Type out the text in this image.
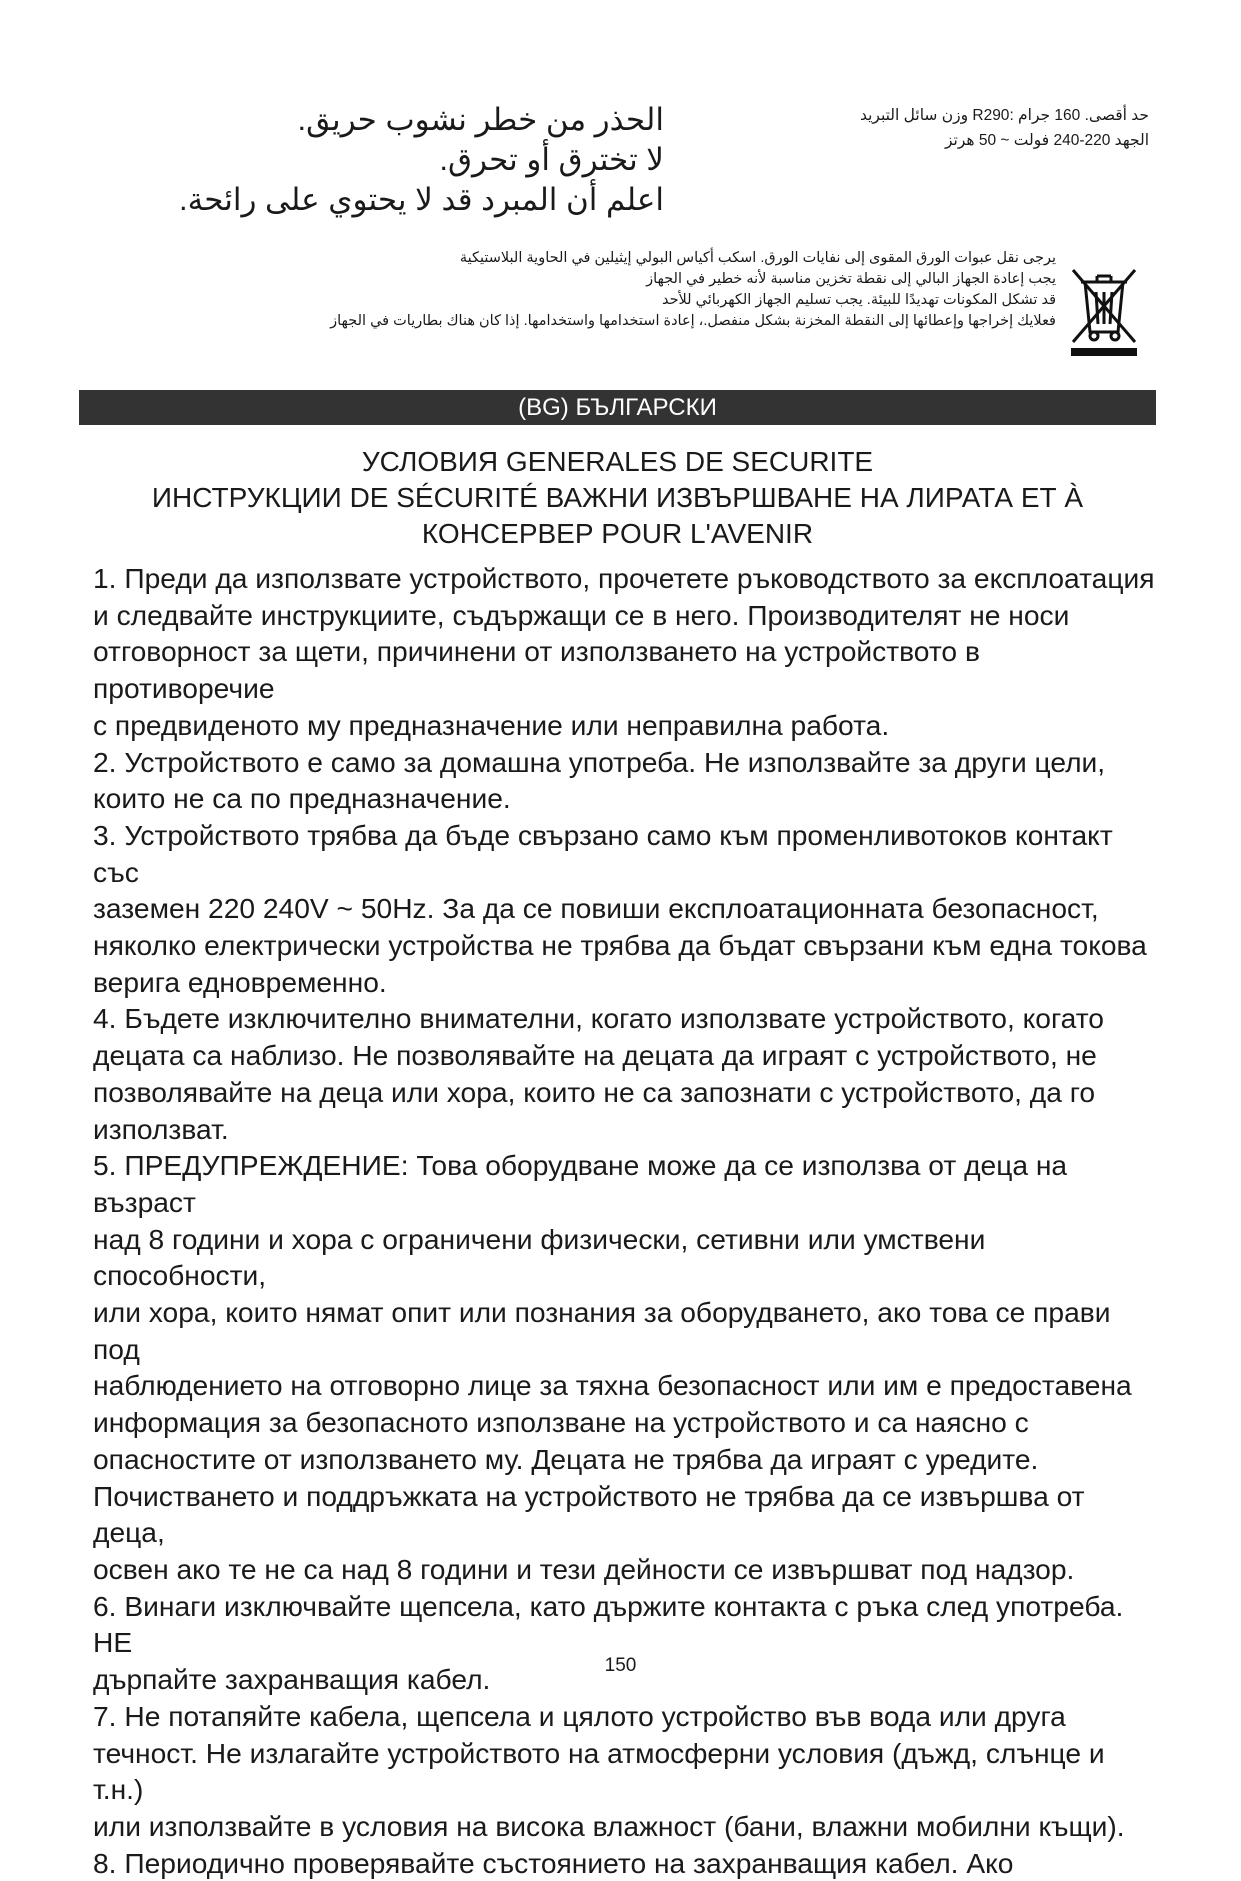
الحذر من خطر نشوب حريق.
لا تخترق أو تحرق.
اعلم أن المبرد قد لا يحتوي على رائحة.
حد أقصى. 160 جرام :R290 وزن سائل التبريد
الجهد 220-240 فولت ~ 50 هرتز
يرجى نقل عبوات الورق المقوى إلى نفايات الورق. اسكب أكياس البولي إيثيلين في الحاوية البلاستيكية
يجب إعادة الجهاز البالي إلى نقطة تخزين مناسبة لأنه خطير في الجهاز
قد تشكل المكونات تهديدًا للبيئة. يجب تسليم الجهاز الكهربائي للأحد
فعلايك إخراجها وإعطائها إلى النقطة المخزنة بشكل منفصل.، إعادة استخدامها واستخدامها. إذا كان هناك بطاريات في الجهاز
(BG) БЪЛГАРСКИ
УСЛОВИЯ GENERALES DE SECURITE
ИНСТРУКЦИИ DE SÉCURITÉ ВАЖНИ ИЗВЪРШВАНЕ НА ЛИРАТА ЕТ À
КОНСЕРВЕР POUR L'AVENIR

1. Преди да използвате устройството, прочетете ръководството за експлоатация

и следвайте инструкциите, съдържащи се в него. Производителят не носи

отговорност за щети, причинени от използването на устройството в противоречие

с предвиденото му предназначение или неправилна работа.

2. Устройството е само за домашна употреба. Не използвайте за други цели,

които не са по предназначение.

3. Устройството трябва да бъде свързано само към променливотоков контакт със

заземен 220 240V ~ 50Hz. За да се повиши експлоатационната безопасност,

няколко електрически устройства не трябва да бъдат свързани към една токова

верига едновременно.

4. Бъдете изключително внимателни, когато използвате устройството, когато

децата са наблизо. Не позволявайте на децата да играят с устройството, не

позволявайте на деца или хора, които не са запознати с устройството, да го

използват.

5. ПРЕДУПРЕЖДЕНИЕ: Това оборудване може да се използва от деца на възраст

над 8 години и хора с ограничени физически, сетивни или умствени способности,

или хора, които нямат опит или познания за оборудването, ако това се прави под

наблюдението на отговорно лице за тяхна безопасност или им е предоставена

информация за безопасното използване на устройството и са наясно с

опасностите от използването му. Децата не трябва да играят с уредите.

Почистването и поддръжката на устройството не трябва да се извършва от деца,

освен ако те не са над 8 години и тези дейности се извършват под надзор.

6. Винаги изключвайте щепсела, като държите контакта с ръка след употреба. НЕ

дърпайте захранващия кабел.

7. Не потапяйте кабела, щепсела и цялото устройство във вода или друга

течност. Не излагайте устройството на атмосферни условия (дъжд, слънце и т.н.)

или използвайте в условия на висока влажност (бани, влажни мобилни къщи).

8. Периодично проверявайте състоянието на захранващия кабел. Ако

150
